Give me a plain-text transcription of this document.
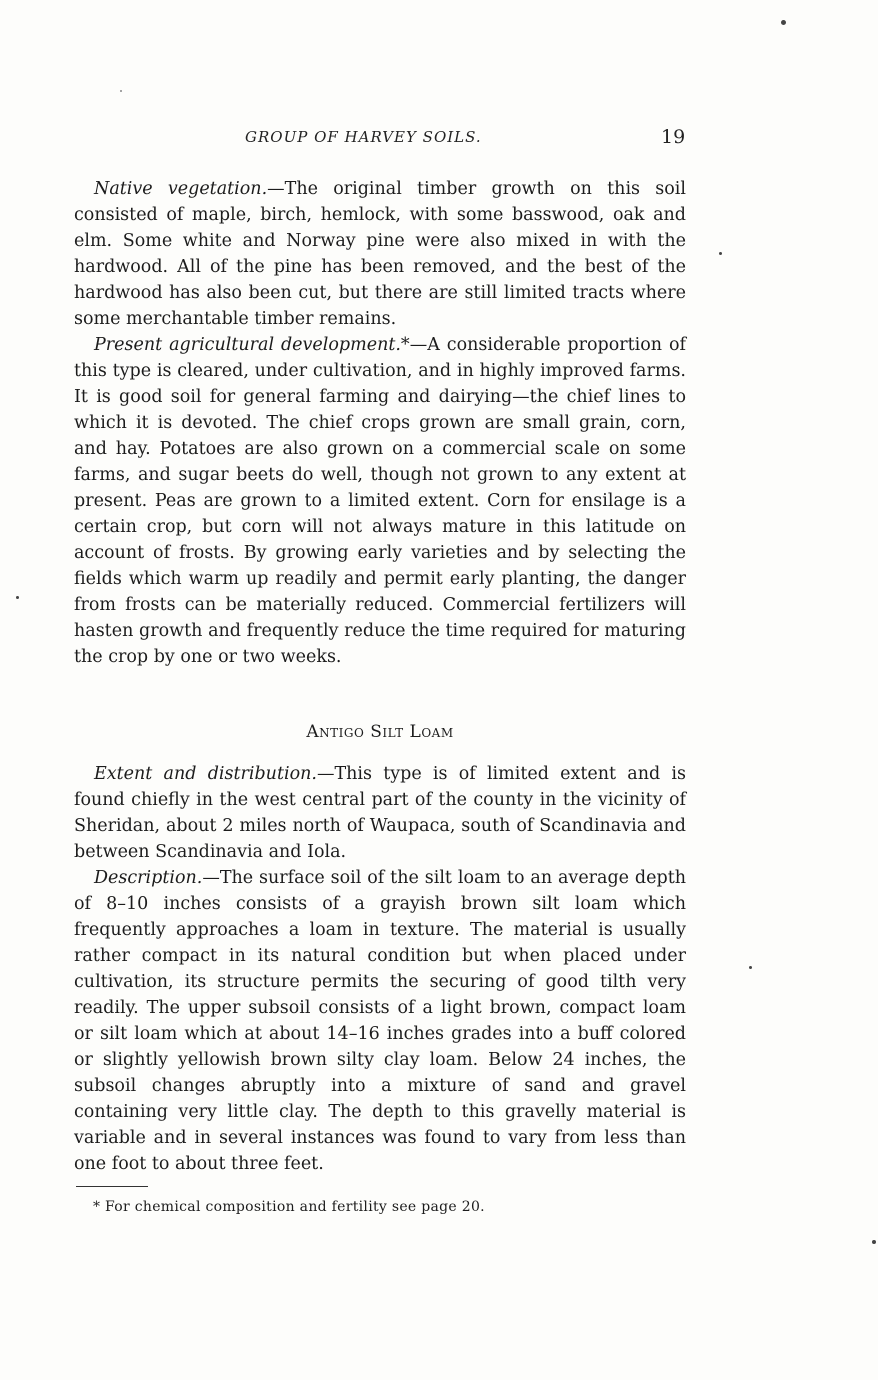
GROUP OF HARVEY SOILS.	19

Native vegetation.—The original timber growth on this soil consisted of maple, birch, hemlock, with some basswood, oak and elm. Some white and Norway pine were also mixed in with the hardwood. All of the pine has been removed, and the best of the hardwood has also been cut, but there are still limited tracts where some merchantable timber remains.

Present agricultural development.*—A considerable proportion of this type is cleared, under cultivation, and in highly improved farms. It is good soil for general farming and dairying—the chief lines to which it is devoted. The chief crops grown are small grain, corn, and hay. Potatoes are also grown on a commercial scale on some farms, and sugar beets do well, though not grown to any extent at present. Peas are grown to a limited extent. Corn for ensilage is a certain crop, but corn will not always mature in this latitude on account of frosts. By growing early varieties and by selecting the fields which warm up readily and permit early planting, the danger from frosts can be materially reduced. Commercial fertilizers will hasten growth and frequently reduce the time required for maturing the crop by one or two weeks.

Antigo Silt Loam

Extent and distribution.—This type is of limited extent and is found chiefly in the west central part of the county in the vicinity of Sheridan, about 2 miles north of Waupaca, south of Scandinavia and between Scandinavia and Iola.

Description.—The surface soil of the silt loam to an average depth of 8–10 inches consists of a grayish brown silt loam which frequently approaches a loam in texture. The material is usually rather compact in its natural condition but when placed under cultivation, its structure permits the securing of good tilth very readily. The upper subsoil consists of a light brown, compact loam or silt loam which at about 14–16 inches grades into a buff colored or slightly yellowish brown silty clay loam. Below 24 inches, the subsoil changes abruptly into a mixture of sand and gravel containing very little clay. The depth to this gravelly material is variable and in several instances was found to vary from less than one foot to about three feet.

* For chemical composition and fertility see page 20.
